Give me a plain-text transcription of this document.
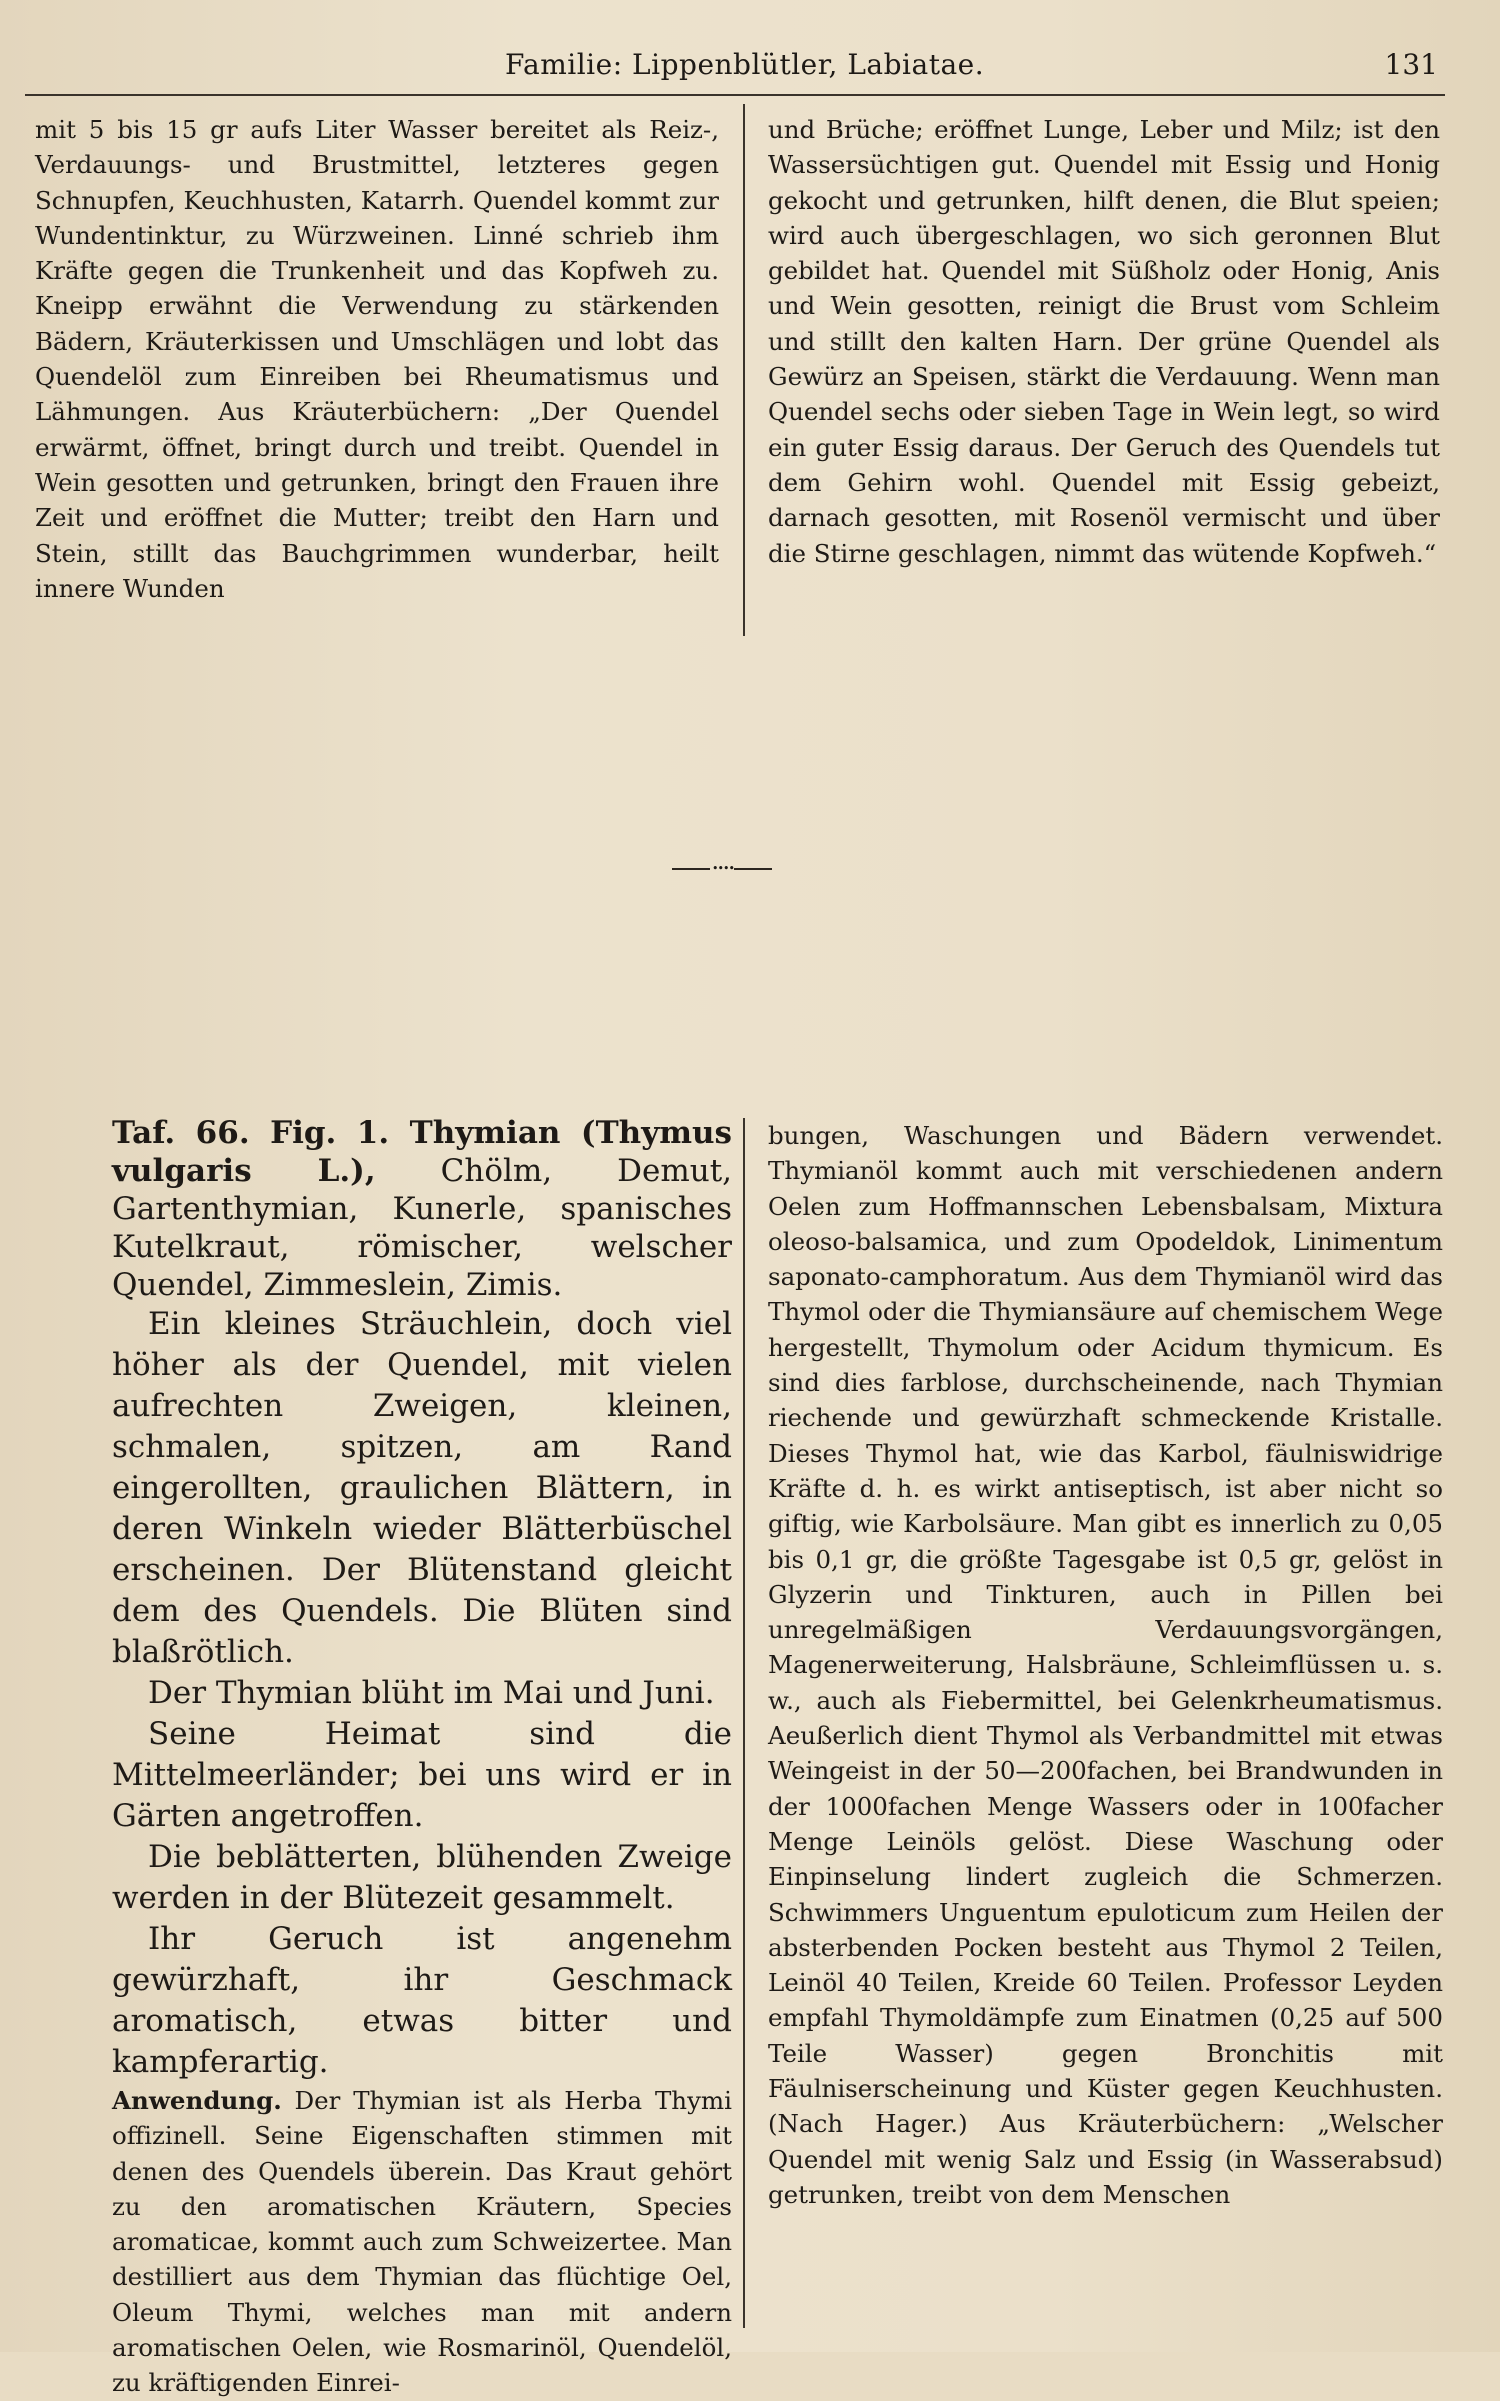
Familie: Lippenblütler, Labiatae.	131

mit 5 bis 15 gr aufs Liter Wasser bereitet als Reiz-, Verdauungs- und Brustmittel, letzteres gegen Schnupfen, Keuchhusten, Katarrh. Quendel kommt zur Wundentinktur, zu Würzweinen. Linné schrieb ihm Kräfte gegen die Trunkenheit und das Kopfweh zu. Kneipp erwähnt die Verwendung zu stärkenden Bädern, Kräuterkissen und Umschlägen und lobt das Quendelöl zum Einreiben bei Rheumatismus und Lähmungen. Aus Kräuterbüchern: „Der Quendel erwärmt, öffnet, bringt durch und treibt. Quendel in Wein gesotten und getrunken, bringt den Frauen ihre Zeit und eröffnet die Mutter; treibt den Harn und Stein, stillt das Bauchgrimmen wunderbar, heilt innere Wunden

und Brüche; eröffnet Lunge, Leber und Milz; ist den Wassersüchtigen gut. Quendel mit Essig und Honig gekocht und getrunken, hilft denen, die Blut speien; wird auch übergeschlagen, wo sich geronnen Blut gebildet hat. Quendel mit Süßholz oder Honig, Anis und Wein gesotten, reinigt die Brust vom Schleim und stillt den kalten Harn. Der grüne Quendel als Gewürz an Speisen, stärkt die Verdauung. Wenn man Quendel sechs oder sieben Tage in Wein legt, so wird ein guter Essig daraus. Der Geruch des Quendels tut dem Gehirn wohl. Quendel mit Essig gebeizt, darnach gesotten, mit Rosenöl vermischt und über die Stirne geschlagen, nimmt das wütende Kopfweh.“

••••

Taf. 66. Fig. 1. Thymian (Thymus vulgaris L.), Chölm, Demut, Gartenthymian, Kunerle, spanisches Kutelkraut, römischer, welscher Quendel, Zimmeslein, Zimis.

Ein kleines Sträuchlein, doch viel höher als der Quendel, mit vielen aufrechten Zweigen, kleinen, schmalen, spitzen, am Rand eingerollten, graulichen Blättern, in deren Winkeln wieder Blätterbüschel erscheinen. Der Blütenstand gleicht dem des Quendels. Die Blüten sind blaßrötlich.

Der Thymian blüht im Mai und Juni.

Seine Heimat sind die Mittelmeerländer; bei uns wird er in Gärten angetroffen.

Die beblätterten, blühenden Zweige werden in der Blütezeit gesammelt.

Ihr Geruch ist angenehm gewürzhaft, ihr Geschmack aromatisch, etwas bitter und kampferartig.

Anwendung. Der Thymian ist als Herba Thymi offizinell. Seine Eigenschaften stimmen mit denen des Quendels überein. Das Kraut gehört zu den aromatischen Kräutern, Species aromaticae, kommt auch zum Schweizertee. Man destilliert aus dem Thymian das flüchtige Oel, Oleum Thymi, welches man mit andern aromatischen Oelen, wie Rosmarinöl, Quendelöl, zu kräftigenden Einrei-

bungen, Waschungen und Bädern verwendet. Thymianöl kommt auch mit verschiedenen andern Oelen zum Hoffmannschen Lebensbalsam, Mixtura oleoso-balsamica, und zum Opodeldok, Linimentum saponato-camphoratum. Aus dem Thymianöl wird das Thymol oder die Thymiansäure auf chemischem Wege hergestellt, Thymolum oder Acidum thymicum. Es sind dies farblose, durchscheinende, nach Thymian riechende und gewürzhaft schmeckende Kristalle. Dieses Thymol hat, wie das Karbol, fäulniswidrige Kräfte d. h. es wirkt antiseptisch, ist aber nicht so giftig, wie Karbolsäure. Man gibt es innerlich zu 0,05 bis 0,1 gr, die größte Tagesgabe ist 0,5 gr, gelöst in Glyzerin und Tinkturen, auch in Pillen bei unregelmäßigen Verdauungsvorgängen, Magenerweiterung, Halsbräune, Schleimflüssen u. s. w., auch als Fiebermittel, bei Gelenkrheumatismus. Aeußerlich dient Thymol als Verbandmittel mit etwas Weingeist in der 50—200fachen, bei Brandwunden in der 1000fachen Menge Wassers oder in 100facher Menge Leinöls gelöst. Diese Waschung oder Einpinselung lindert zugleich die Schmerzen. Schwimmers Unguentum epuloticum zum Heilen der absterbenden Pocken besteht aus Thymol 2 Teilen, Leinöl 40 Teilen, Kreide 60 Teilen. Professor Leyden empfahl Thymoldämpfe zum Einatmen (0,25 auf 500 Teile Wasser) gegen Bronchitis mit Fäulniserscheinung und Küster gegen Keuchhusten. (Nach Hager.) Aus Kräuterbüchern: „Welscher Quendel mit wenig Salz und Essig (in Wasserabsud) getrunken, treibt von dem Menschen
